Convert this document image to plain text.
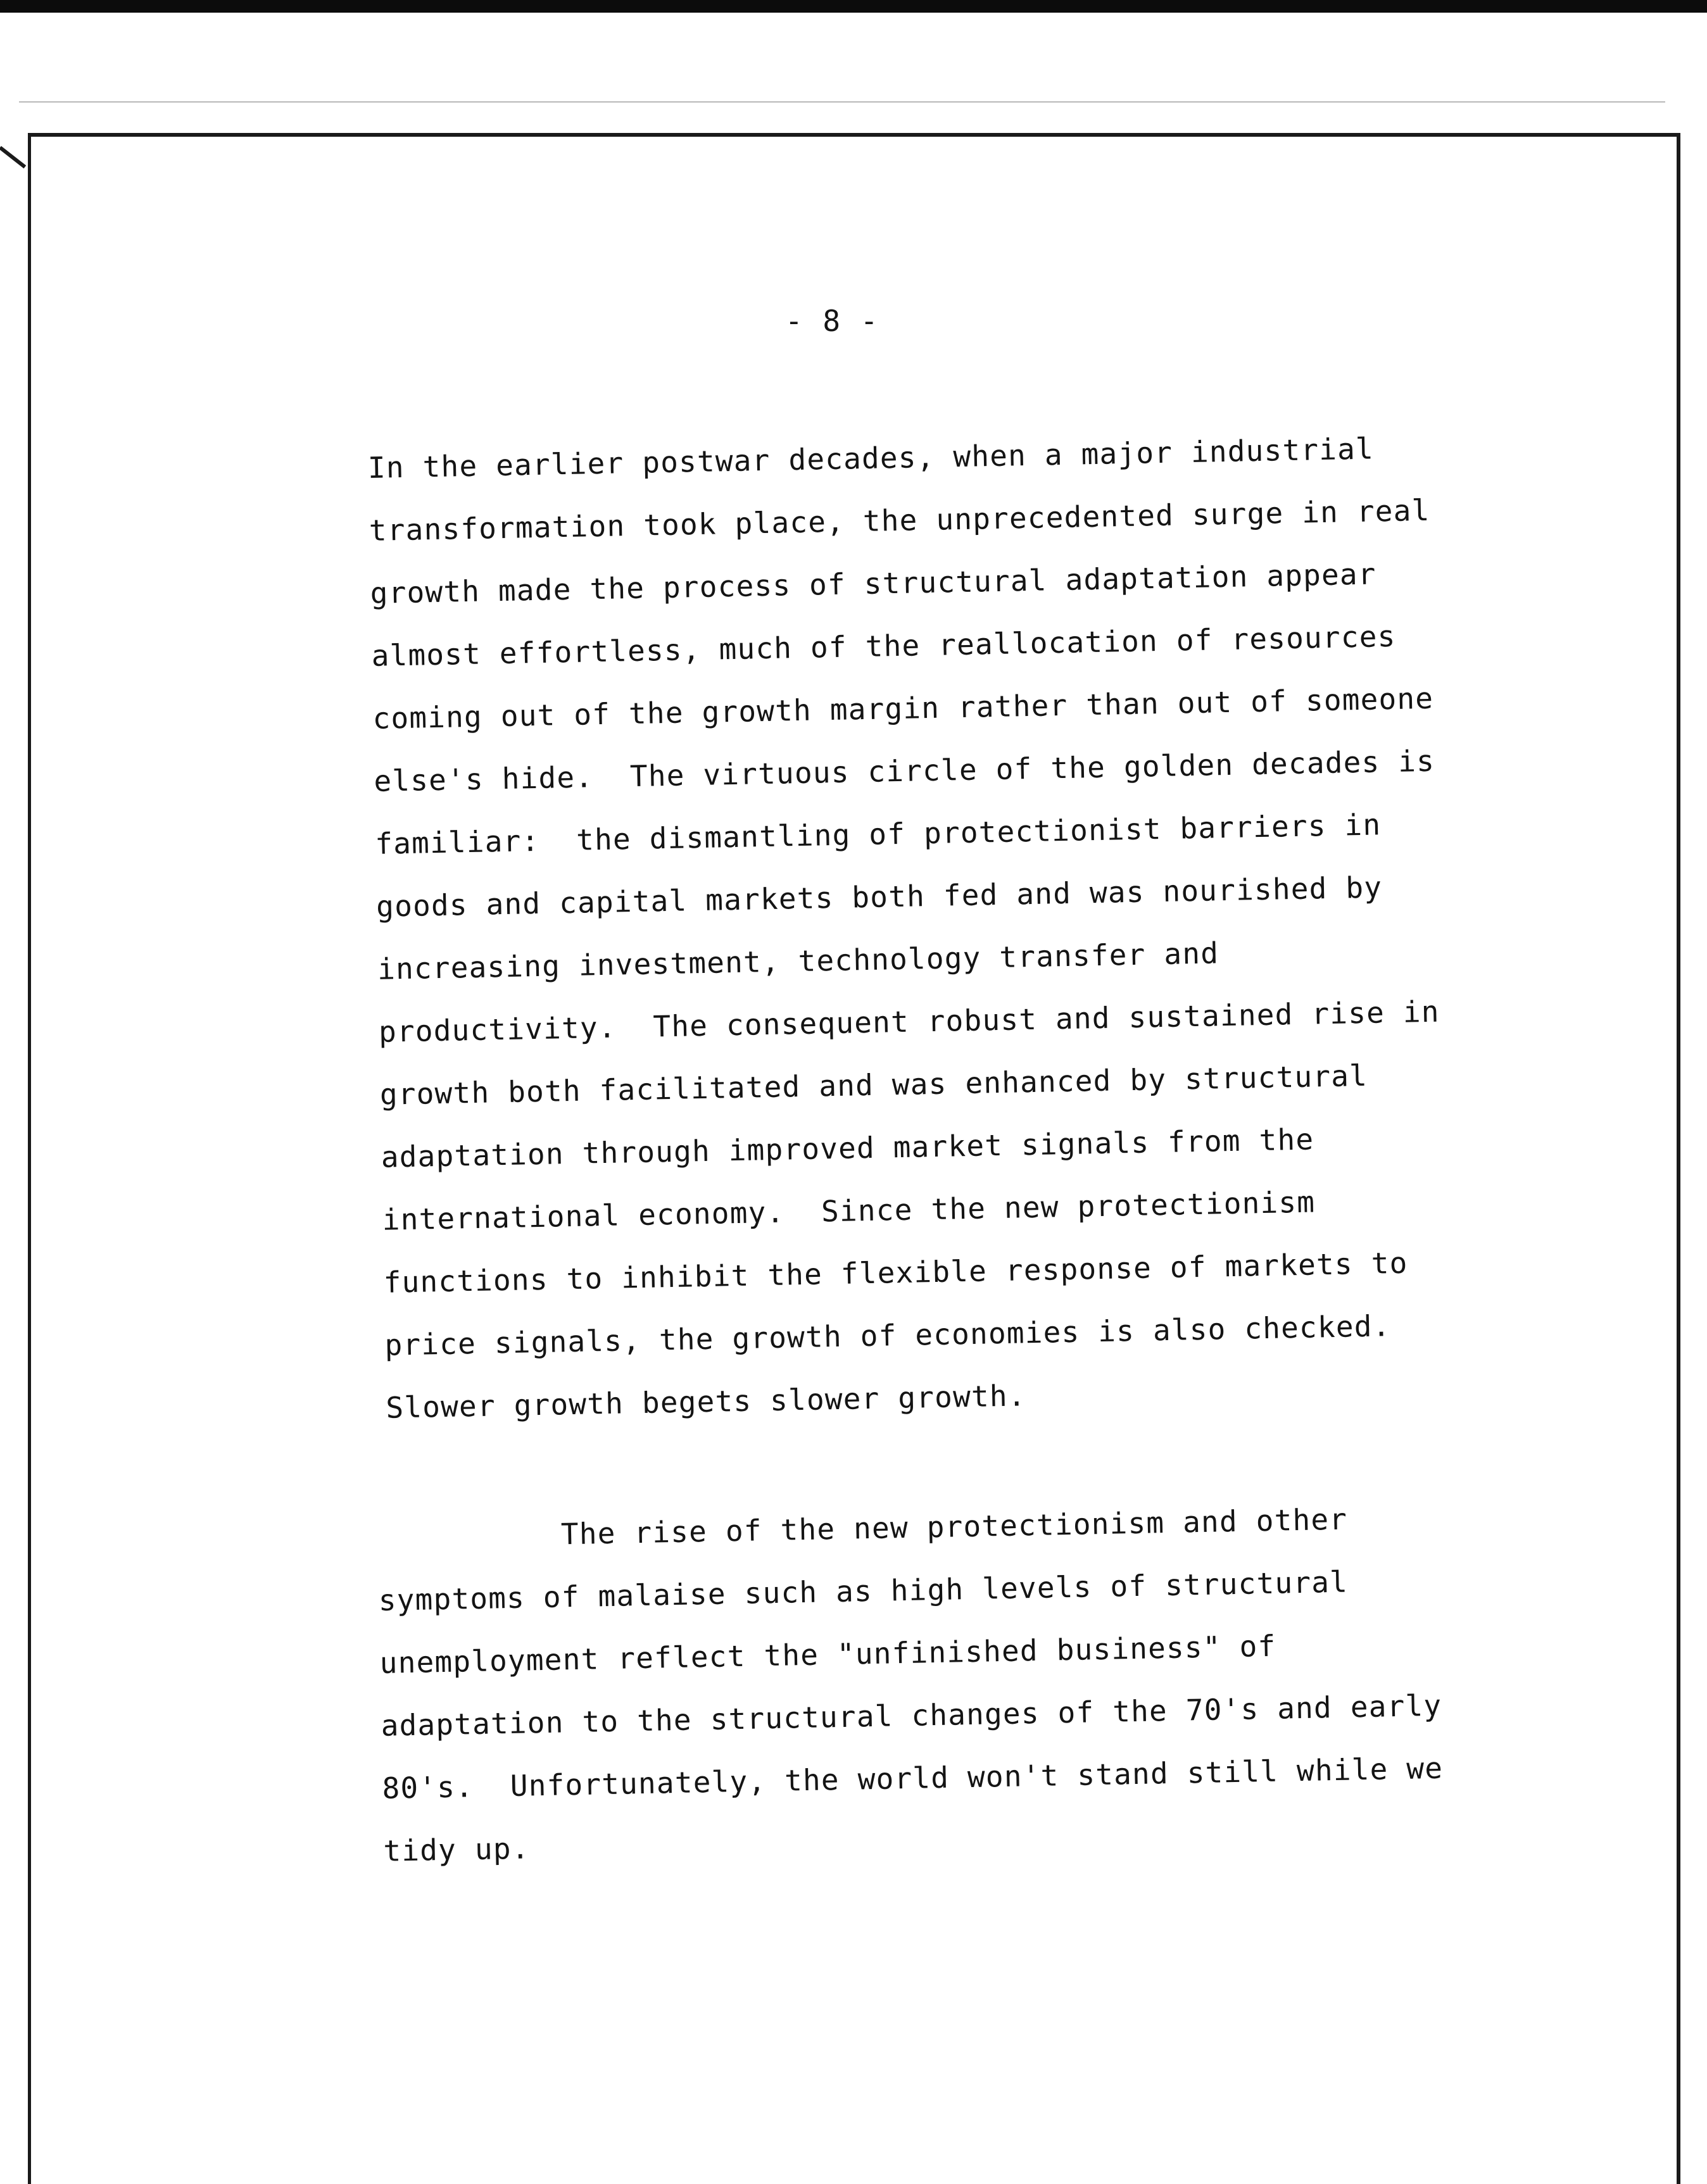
- 8 -
In the earlier postwar decades, when a major industrial
transformation took place, the unprecedented surge in real
growth made the process of structural adaptation appear
almost effortless, much of the reallocation of resources
coming out of the growth margin rather than out of someone
else's hide.  The virtuous circle of the golden decades is
familiar:  the dismantling of protectionist barriers in
goods and capital markets both fed and was nourished by
increasing investment, technology transfer and
productivity.  The consequent robust and sustained rise in
growth both facilitated and was enhanced by structural
adaptation through improved market signals from the
international economy.  Since the new protectionism
functions to inhibit the flexible response of markets to
price signals, the growth of economies is also checked.
Slower growth begets slower growth.
The rise of the new protectionism and other
symptoms of malaise such as high levels of structural
unemployment reflect the "unfinished business" of
adaptation to the structural changes of the 70's and early
80's.  Unfortunately, the world won't stand still while we
tidy up.
